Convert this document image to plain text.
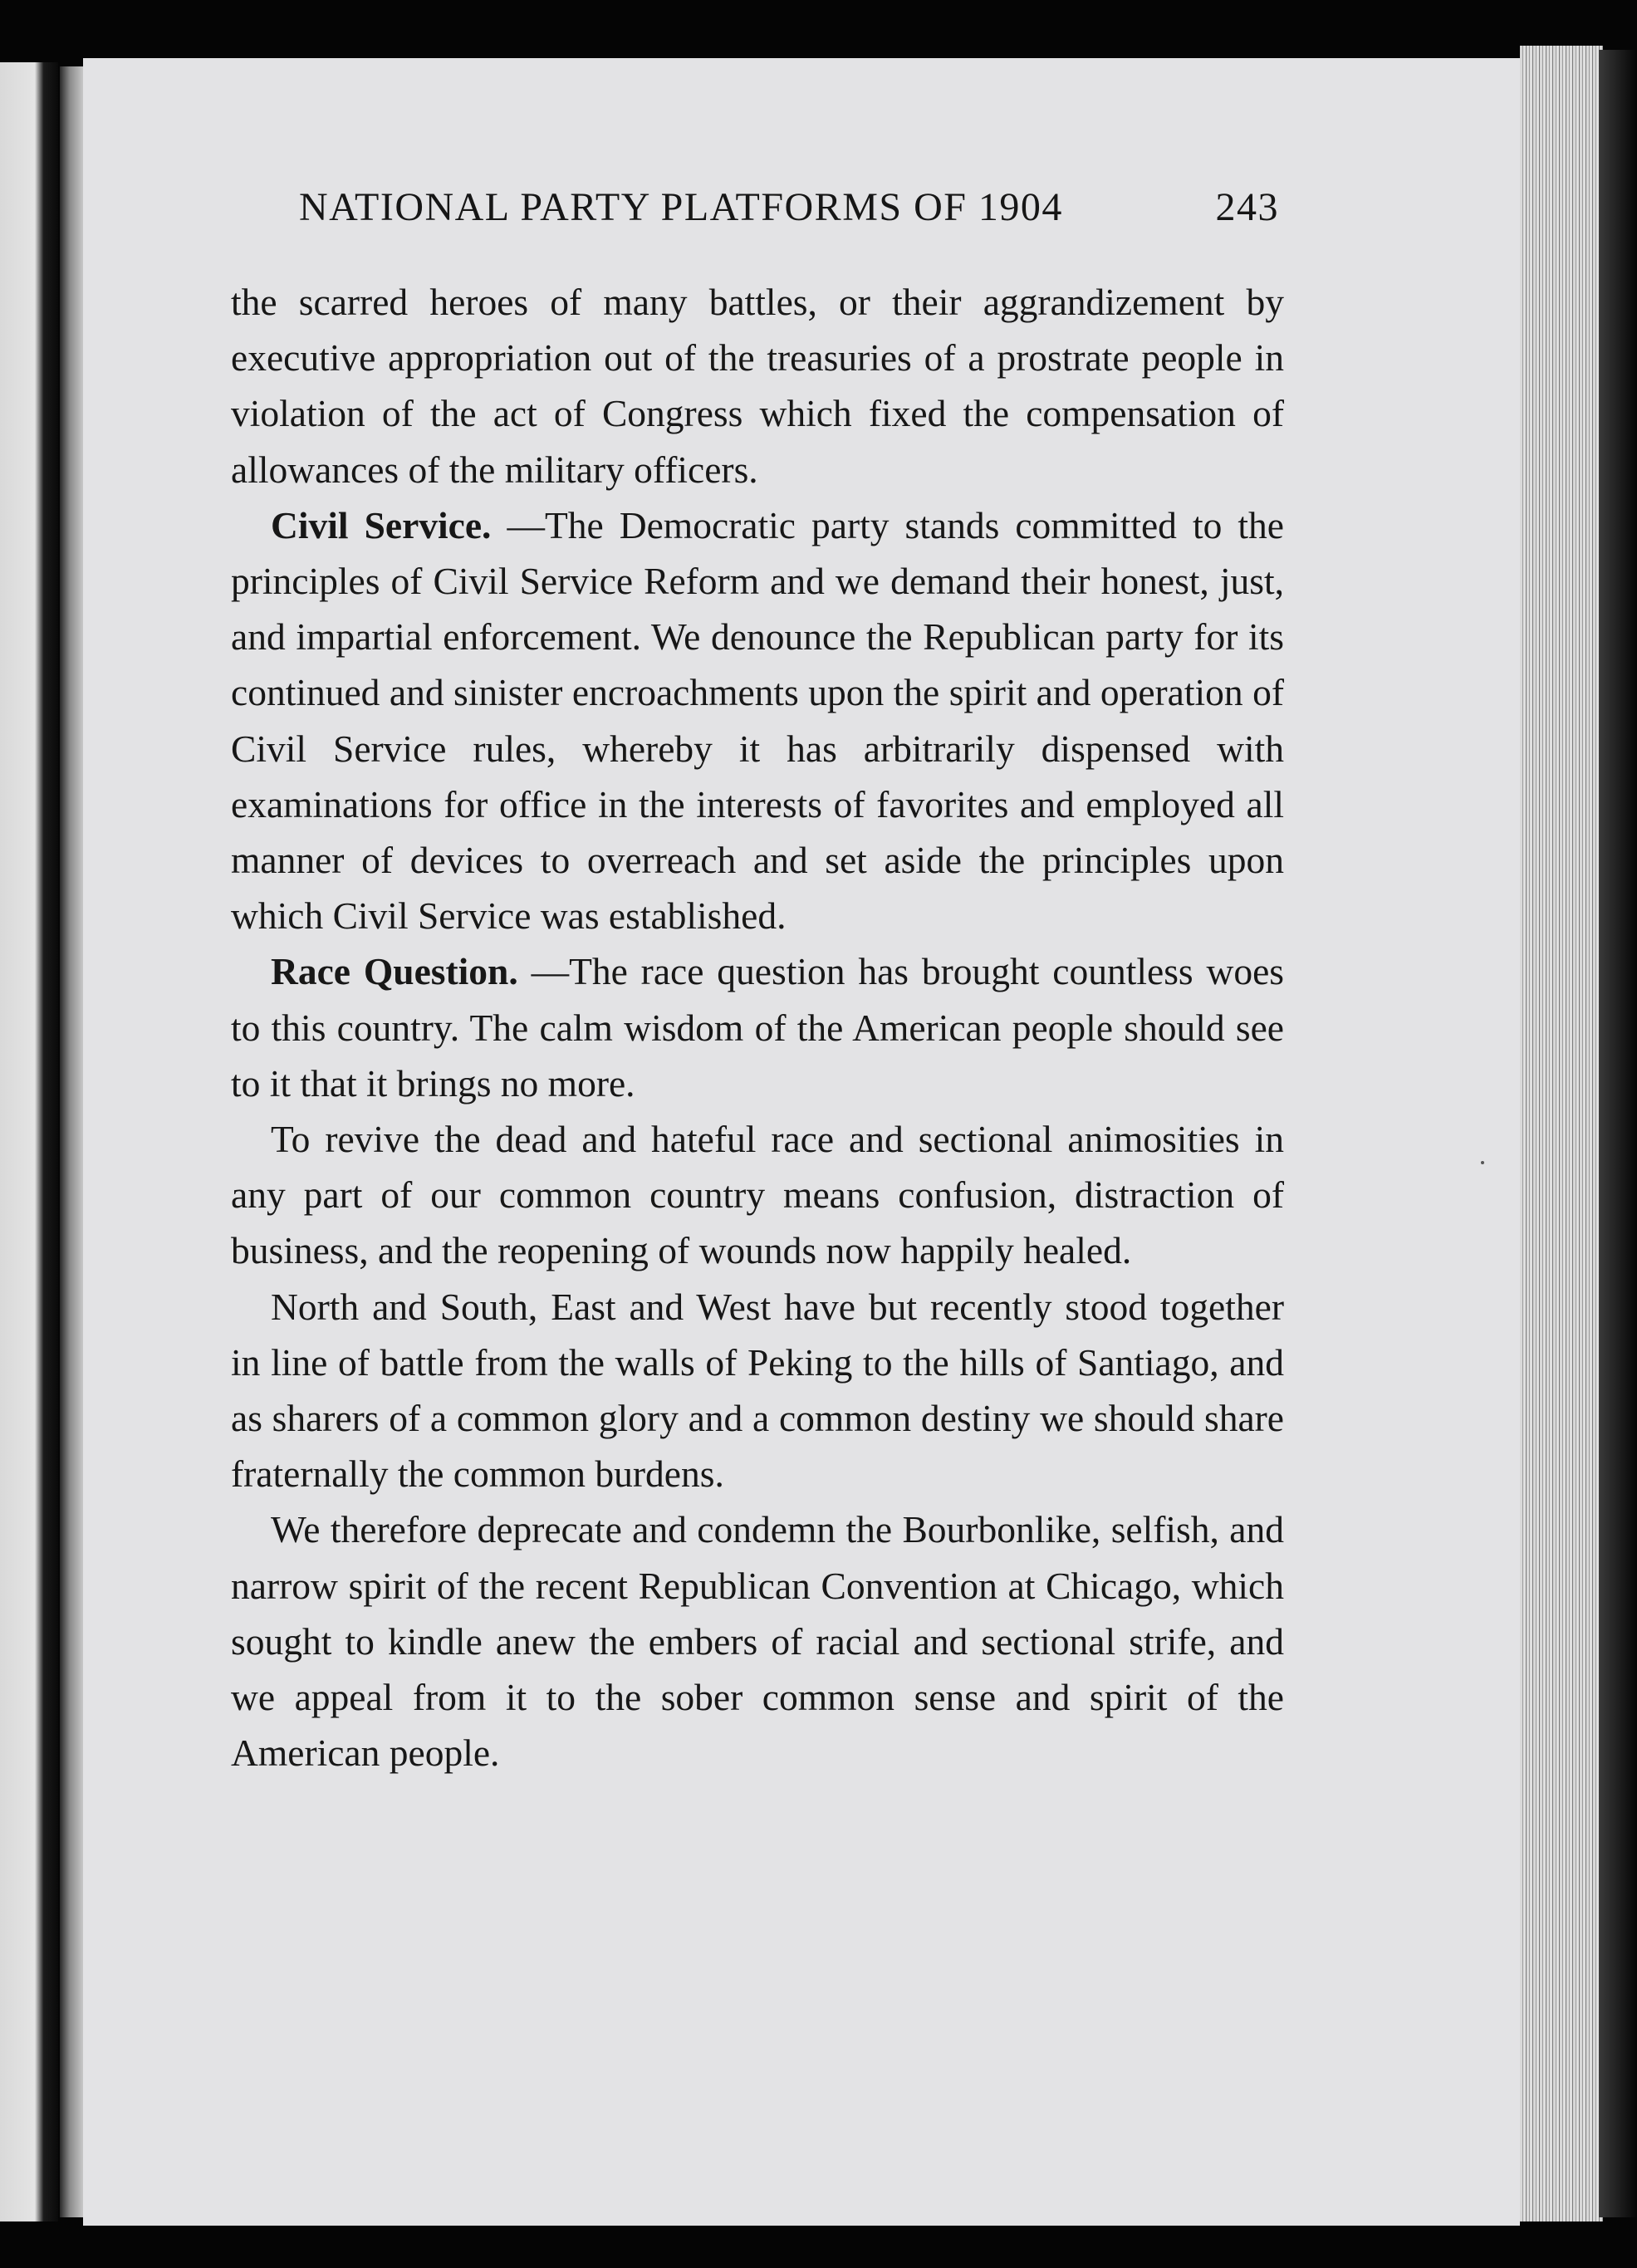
NATIONAL PARTY PLATFORMS OF 1904	243

the scarred heroes of many battles, or their aggrandizement by executive appropriation out of the treasuries of a prostrate people in violation of the act of Congress which fixed the compensation of allowances of the military officers.

Civil Service. —The Democratic party stands committed to the principles of Civil Service Reform and we demand their honest, just, and impartial enforcement. We denounce the Republican party for its continued and sinister encroachments upon the spirit and operation of Civil Service rules, whereby it has arbitrarily dispensed with examinations for office in the interests of favorites and employed all manner of devices to overreach and set aside the principles upon which Civil Service was established.

Race Question. —The race question has brought countless woes to this country. The calm wisdom of the American people should see to it that it brings no more.

To revive the dead and hateful race and sectional animosities in any part of our common country means confusion, distraction of business, and the reopening of wounds now happily healed.

North and South, East and West have but recently stood together in line of battle from the walls of Peking to the hills of Santiago, and as sharers of a common glory and a common destiny we should share fraternally the common burdens.

We therefore deprecate and condemn the Bourbonlike, selfish, and narrow spirit of the recent Republican Convention at Chicago, which sought to kindle anew the embers of racial and sectional strife, and we appeal from it to the sober common sense and spirit of the American people.
